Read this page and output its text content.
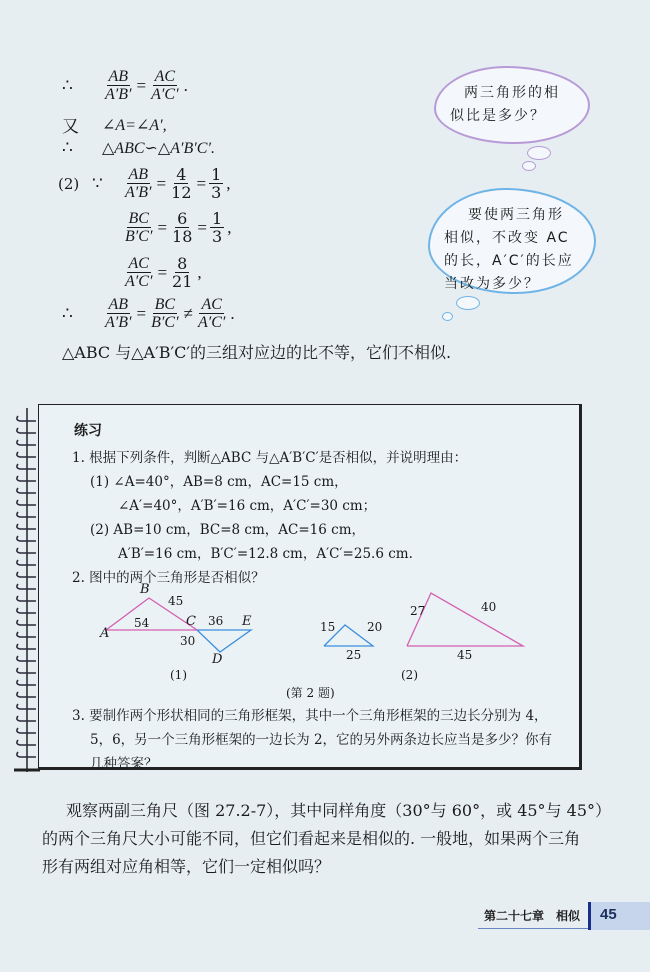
∴	$\frac{AB}{A'B'} = \frac{AC}{A'C'}$ .
又	∠A=∠A′,
∴	△ABC∽△A′B′C′.
(2) ∵	$\frac{AB}{A'B'} = \frac{4}{12} = \frac{1}{3}$ ,
$\frac{BC}{B'C'} = \frac{6}{18} = \frac{1}{3}$ ,
$\frac{AC}{A'C'} = \frac{8}{21}$ ,
∴	$\frac{AB}{A'B'} = \frac{BC}{B'C'} \ne \frac{AC}{A'C'}$ .
△ABC 与△A′B′C′的三组对应边的比不等，它们不相似.
两三角形的相
似比是多少？
要使两三角形
相似，不改变 AC
的长，A′C′的长应
当改为多少？
练习
1. 根据下列条件，判断△ABC 与△A′B′C′是否相似，并说明理由：
(1) ∠A=40°，AB=8 cm，AC=15 cm，
∠A′=40°，A′B′=16 cm，A′C′=30 cm；
(2) AB=10 cm，BC=8 cm，AC=16 cm，
A′B′=16 cm，B′C′=12.8 cm，A′C′=25.6 cm.
2. 图中的两个三角形是否相似？
A
B
C	E
D
45
54	36
30
(1)
15	20
25
27	40
45
(2)
(第 2 题)
3. 要制作两个形状相同的三角形框架，其中一个三角形框架的三边长分别为 4，
5，6，另一个三角形框架的一边长为 2，它的另外两条边长应当是多少？你有
几种答案？
观察两副三角尺（图 27.2-7），其中同样角度（30°与 60°，或 45°与 45°）
的两个三角尺大小可能不同，但它们看起来是相似的. 一般地，如果两个三角
形有两组对应角相等，它们一定相似吗？
第二十七章　相似 45
